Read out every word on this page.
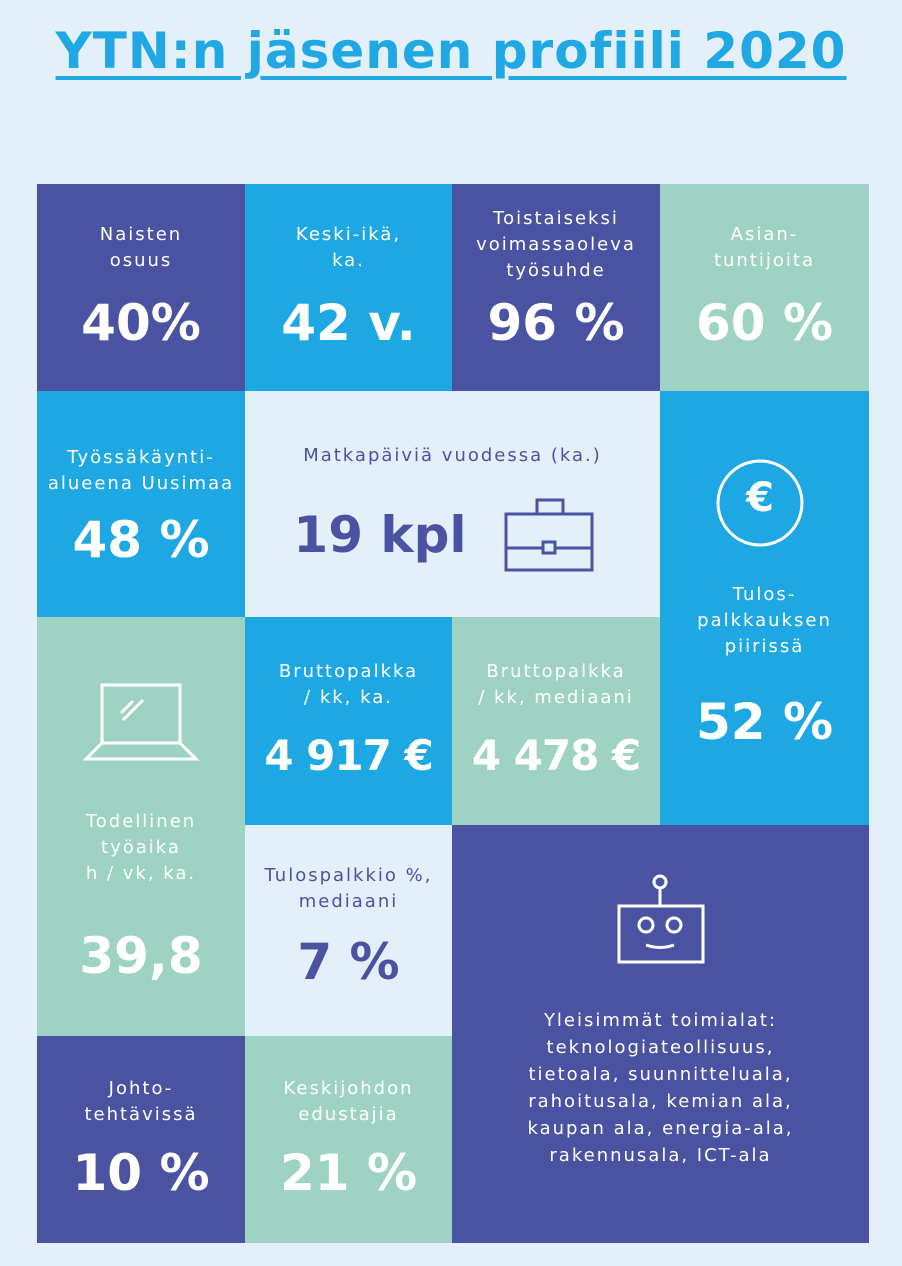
YTN:n jäsenen profiili 2020
Naisten
osuus
40%
Keski-ikä,
ka.
42 v.
Toistaiseksi
voimassaoleva
työsuhde
96 %
Asian-
tuntijoita
60 %
Työssäkäynti-
alueena Uusimaa
48 %
Matkapäiviä vuodessa (ka.)
19 kpl
€
Tulos-
palkkauksen
piirissä
52 %
Todellinen
työaika
h / vk, ka.
39,8
Bruttopalkka
/ kk, ka.
4 917 €
Bruttopalkka
/ kk, mediaani
4 478 €
Tulospalkkio %,
mediaani
7 %
Yleisimmät toimialat:
teknologiateollisuus,
tietoala, suunnitteluala,
rahoitusala, kemian ala,
kaupan ala, energia-ala,
rakennusala, ICT-ala
Johto-
tehtävissä
10 %
Keskijohdon
edustajia
21 %
